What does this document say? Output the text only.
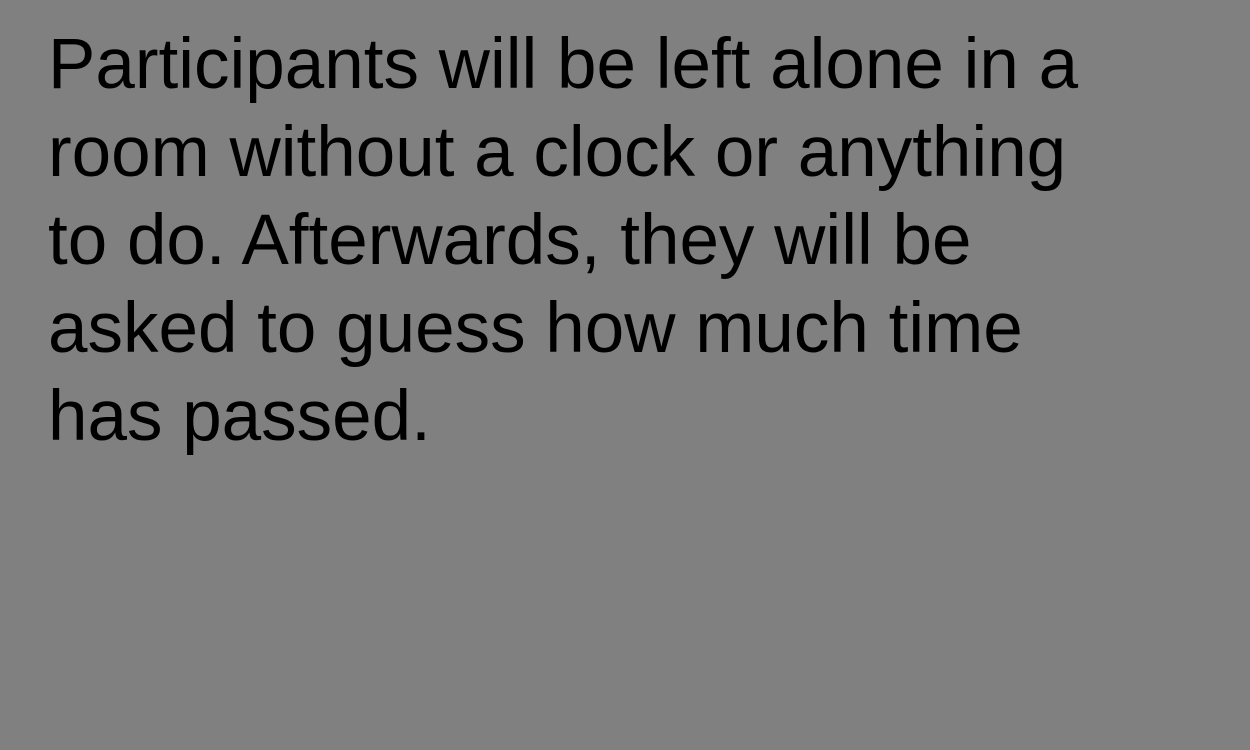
Participants will be left alone in a
room without a clock or anything
to do. Afterwards, they will be
asked to guess how much time
has passed.
